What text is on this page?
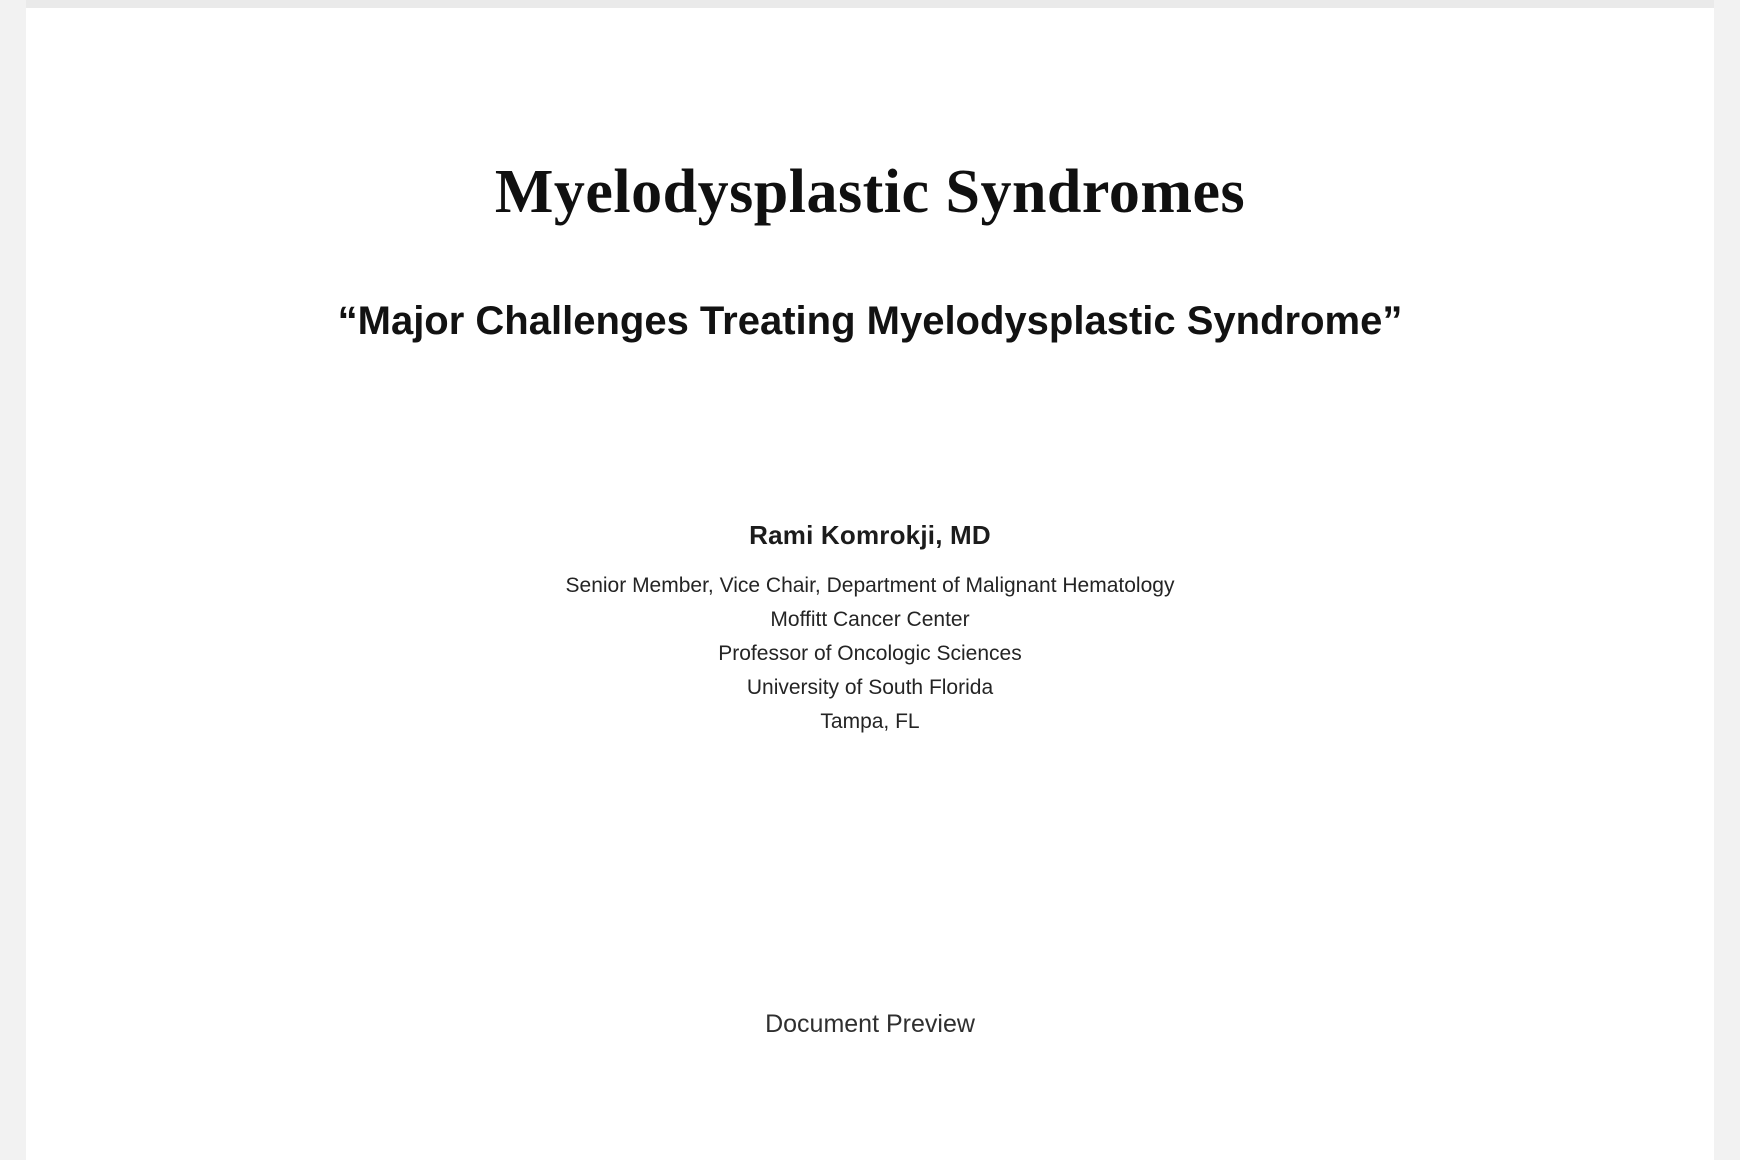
Myelodysplastic Syndromes
“Major Challenges Treating Myelodysplastic Syndrome”
Rami Komrokji, MD
Senior Member, Vice Chair, Department of Malignant Hematology
Moffitt Cancer Center
Professor of Oncologic Sciences
University of South Florida
Tampa, FL
Document Preview
